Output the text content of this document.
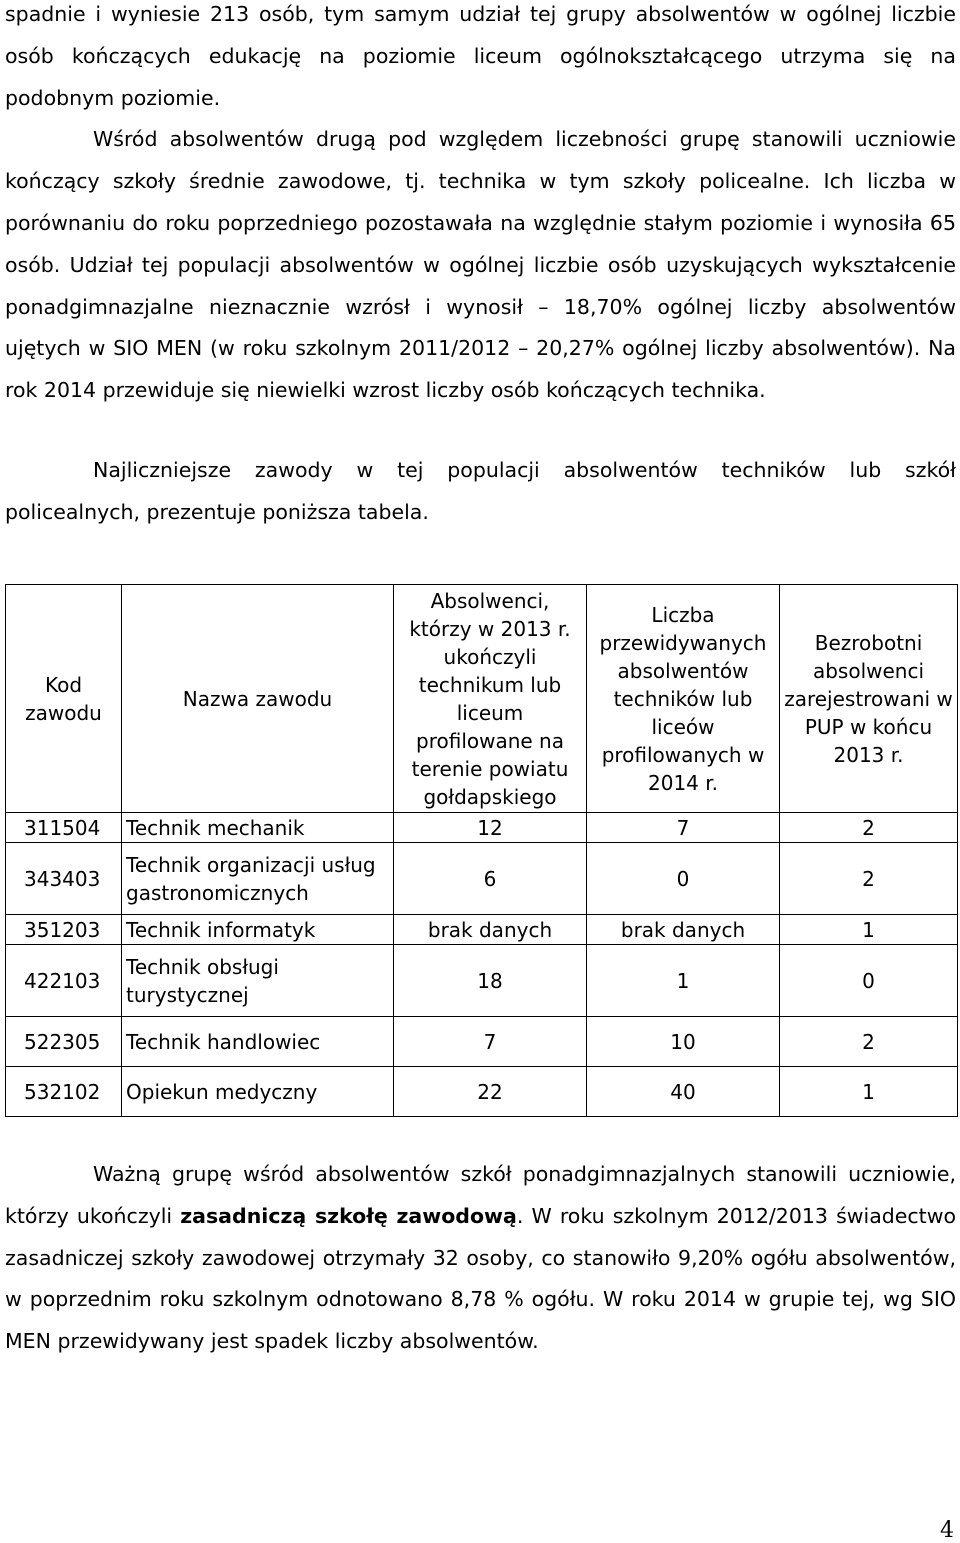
spadnie i wyniesie 213 osób, tym samym udział tej grupy absolwentów w ogólnej liczbie osób kończących edukację na poziomie liceum ogólnokształcącego utrzyma się na podobnym poziomie.
Wśród absolwentów drugą pod względem liczebności grupę stanowili uczniowie kończący szkoły średnie zawodowe, tj. technika w tym szkoły policealne. Ich liczba w porównaniu do roku poprzedniego pozostawała na względnie stałym poziomie i wynosiła 65 osób. Udział tej populacji absolwentów w ogólnej liczbie osób uzyskujących wykształcenie ponadgimnazjalne nieznacznie wzrósł i wynosił – 18,70% ogólnej liczby absolwentów ujętych w SIO MEN (w roku szkolnym 2011/2012 – 20,27% ogólnej liczby absolwentów). Na rok 2014 przewiduje się niewielki wzrost liczby osób kończących technika.

Najliczniejsze zawody w tej populacji absolwentów techników lub szkół policealnych, prezentuje poniższa tabela.

Kod zawodu	Nazwa zawodu	Absolwenci, którzy w 2013 r. ukończyli technikum lub liceum profilowane na terenie powiatu gołdapskiego	Liczba przewidywanych absolwentów techników lub liceów profilowanych w 2014 r.	Bezrobotni absolwenci zarejestrowani w PUP w końcu 2013 r.
311504	Technik mechanik	12	7	2
343403	Technik organizacji usług gastronomicznych	6	0	2
351203	Technik informatyk	brak danych	brak danych	1
422103	Technik obsługi turystycznej	18	1	0
522305	Technik handlowiec	7	10	2
532102	Opiekun medyczny	22	40	1

Ważną grupę wśród absolwentów szkół ponadgimnazjalnych stanowili uczniowie, którzy ukończyli zasadniczą szkołę zawodową. W roku szkolnym 2012/2013 świadectwo zasadniczej szkoły zawodowej otrzymały 32 osoby, co stanowiło 9,20% ogółu absolwentów, w poprzednim roku szkolnym odnotowano 8,78 % ogółu. W roku 2014 w grupie tej, wg SIO MEN przewidywany jest spadek liczby absolwentów.

4
